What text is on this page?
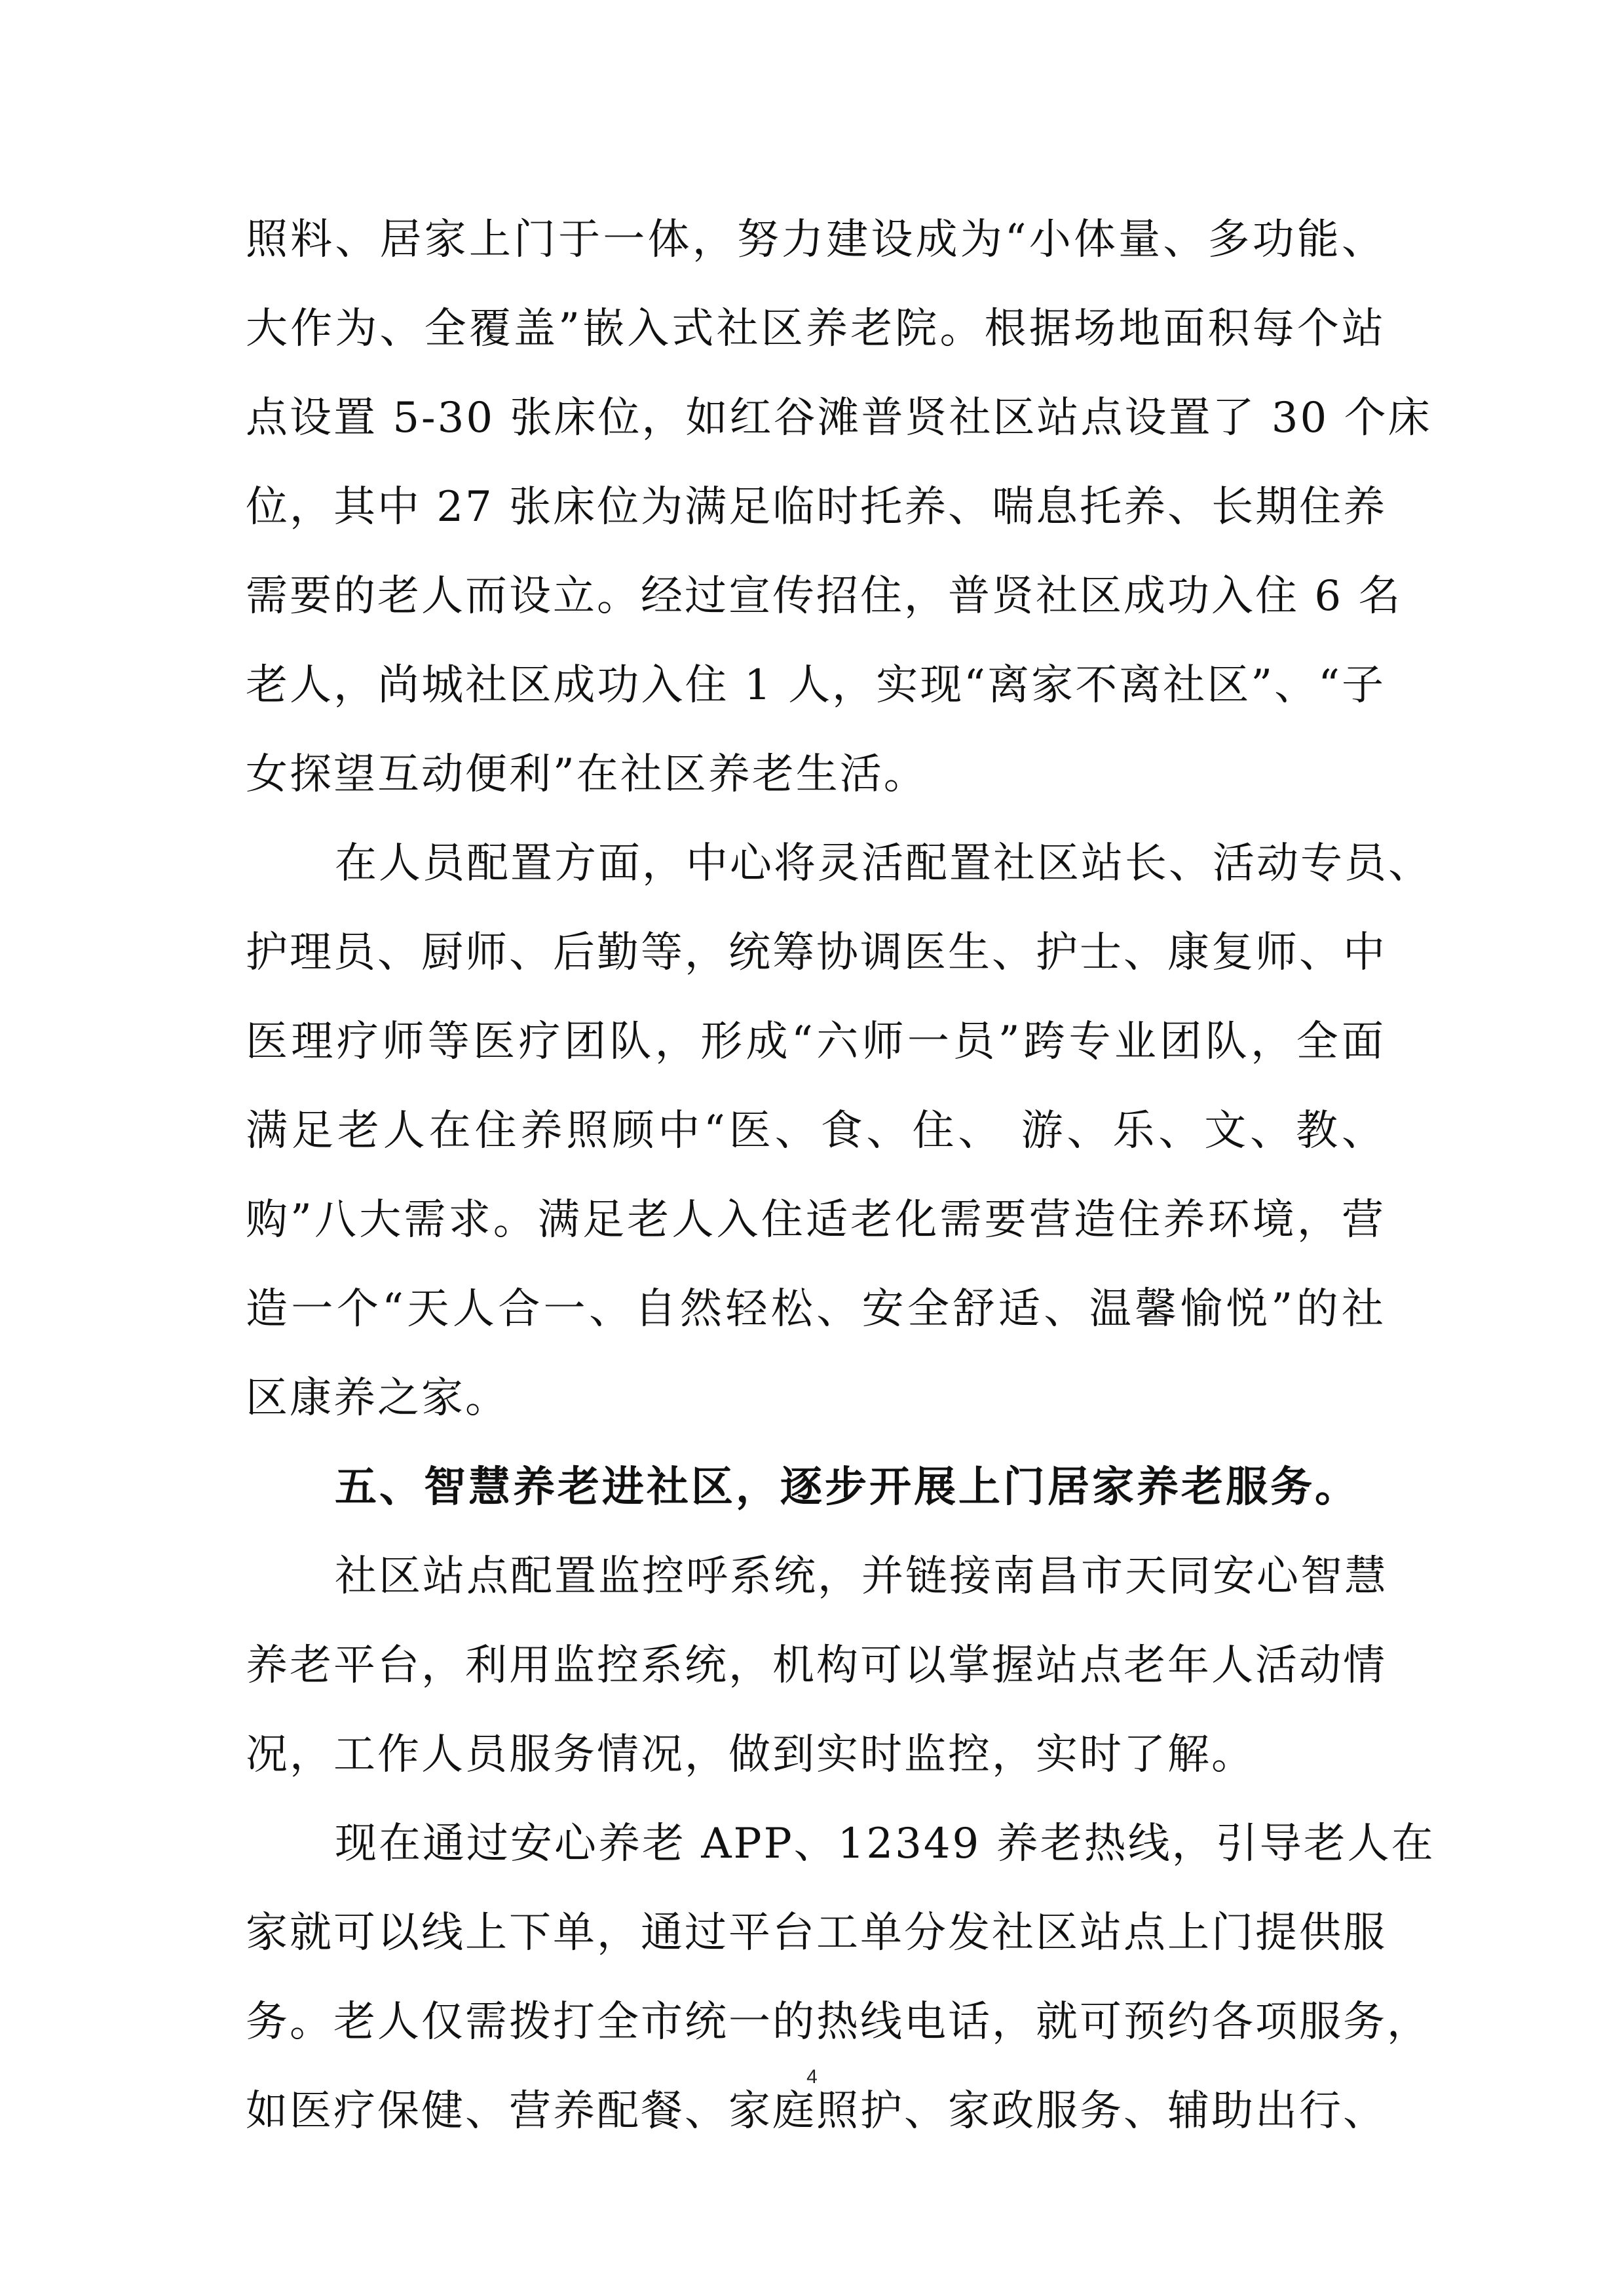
照料、居家上门于一体，努力建设成为“小体量、多功能、
大作为、全覆盖”嵌入式社区养老院。根据场地面积每个站
点设置 5-30 张床位，如红谷滩普贤社区站点设置了 30 个床
位，其中 27 张床位为满足临时托养、喘息托养、长期住养
需要的老人而设立。经过宣传招住，普贤社区成功入住 6 名
老人，尚城社区成功入住 1 人，实现“离家不离社区”、“子
女探望互动便利”在社区养老生活。
在人员配置方面，中心将灵活配置社区站长、活动专员、
护理员、厨师、后勤等，统筹协调医生、护士、康复师、中
医理疗师等医疗团队，形成“六师一员”跨专业团队，全面
满足老人在住养照顾中“医、食、住、 游、乐、文、教、
购”八大需求。满足老人入住适老化需要营造住养环境，营
造一个“天人合一、自然轻松、安全舒适、温馨愉悦”的社
区康养之家。
五、智慧养老进社区，逐步开展上门居家养老服务。
社区站点配置监控呼系统，并链接南昌市天同安心智慧
养老平台，利用监控系统，机构可以掌握站点老年人活动情
况，工作人员服务情况，做到实时监控，实时了解。
现在通过安心养老 APP、12349 养老热线，引导老人在
家就可以线上下单，通过平台工单分发社区站点上门提供服
务。老人仅需拨打全市统一的热线电话，就可预约各项服务，
如医疗保健、营养配餐、家庭照护、家政服务、辅助出行、
4
